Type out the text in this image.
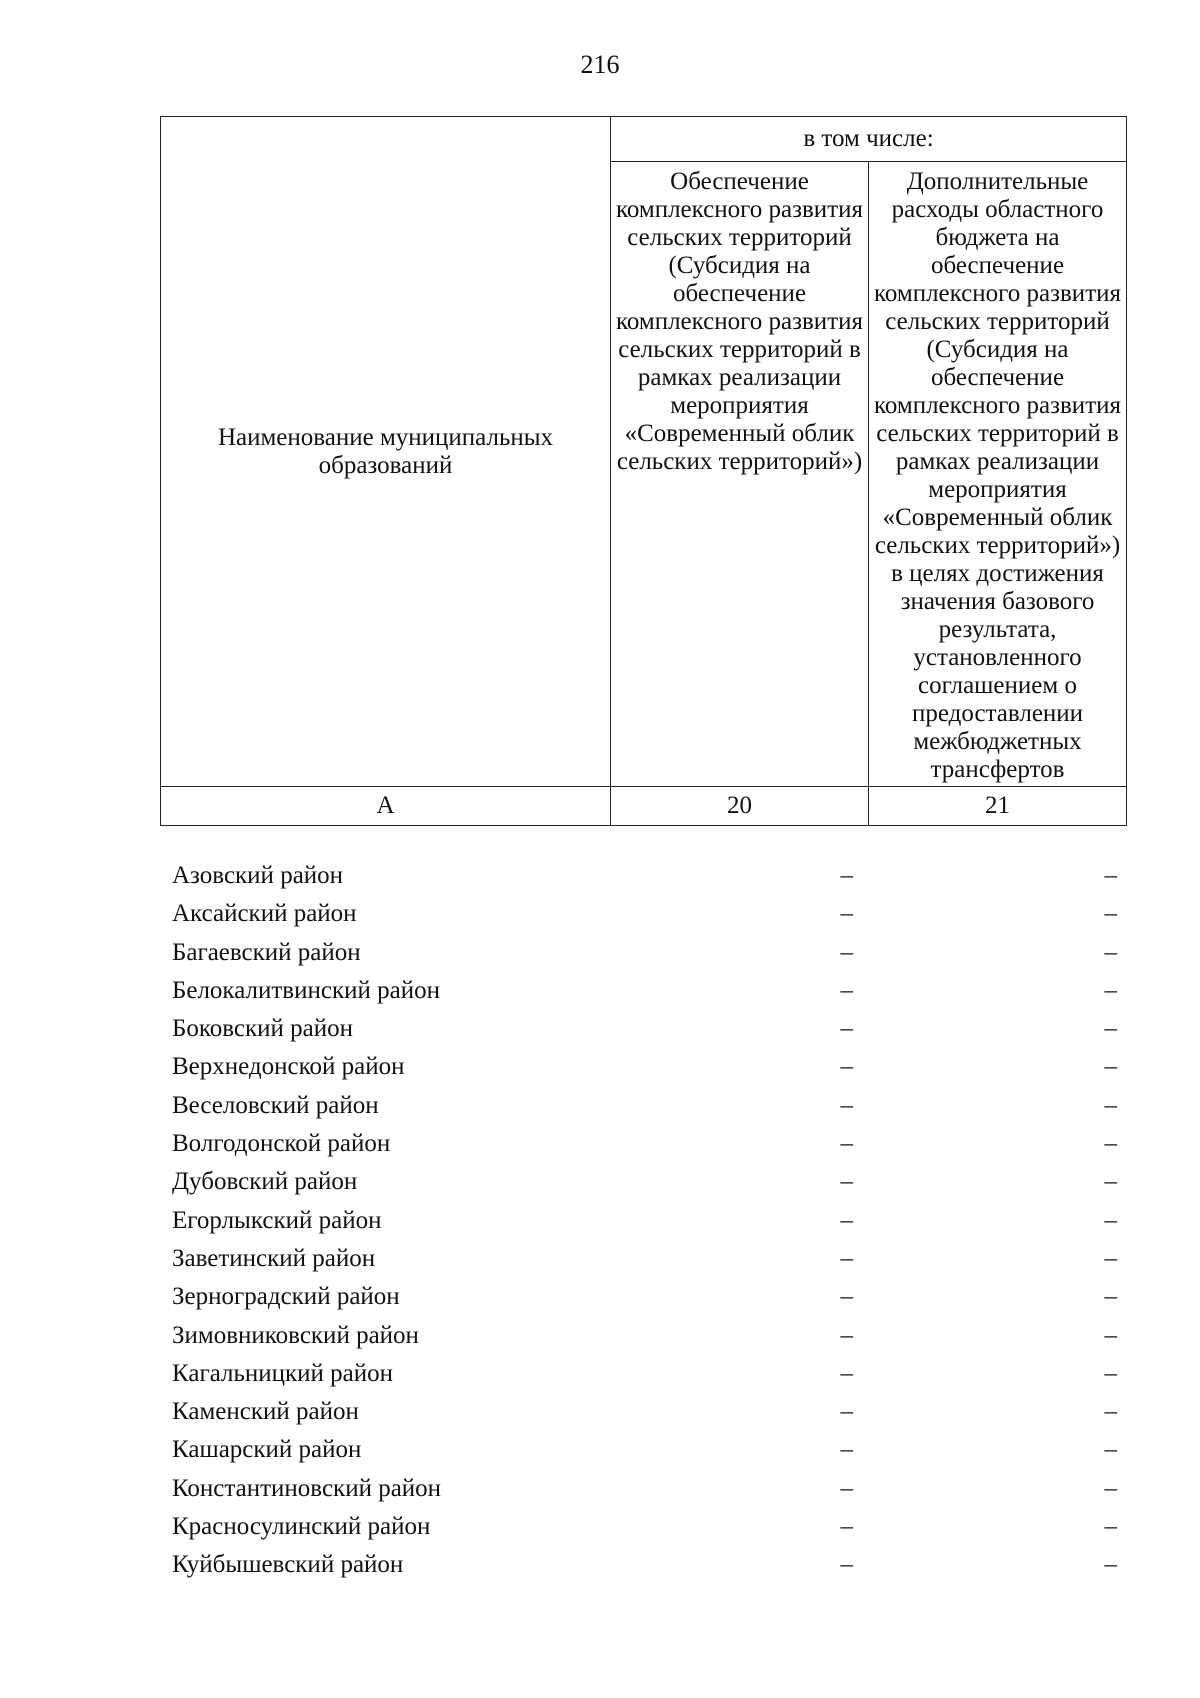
216
Наименование муниципальных образований	в том числе:	
	Обеспечение комплексного развития сельских территорий (Субсидия на обеспечение комплексного развития сельских территорий в рамках реализации мероприятия «Современный облик сельских территорий»)	Дополнительные расходы областного бюджета на обеспечение комплексного развития сельских территорий (Субсидия на обеспечение комплексного развития сельских территорий в рамках реализации мероприятия «Современный облик сельских территорий») в целях достижения значения базового результата, установленного соглашением о предоставлении межбюджетных трансфертов
А	20	21
Азовский район	–	–
Аксайский район	–	–
Багаевский район	–	–
Белокалитвинский район	–	–
Боковский район	–	–
Верхнедонской район	–	–
Веселовский район	–	–
Волгодонской район	–	–
Дубовский район	–	–
Егорлыкский район	–	–
Заветинский район	–	–
Зерноградский район	–	–
Зимовниковский район	–	–
Кагальницкий район	–	–
Каменский район	–	–
Кашарский район	–	–
Константиновский район	–	–
Красносулинский район	–	–
Куйбышевский район	–	–
